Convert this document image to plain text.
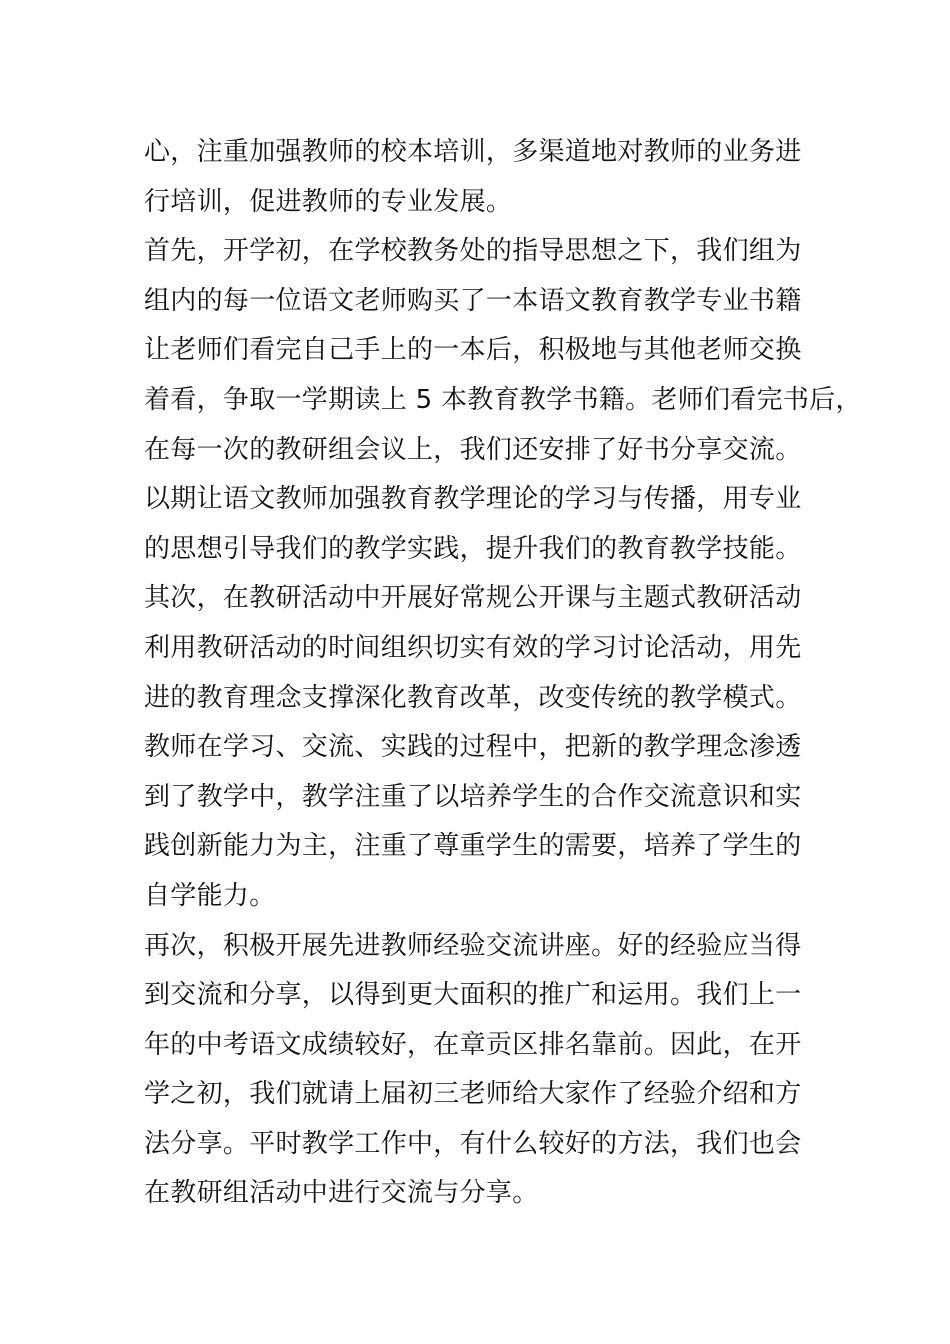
心，注重加强教师的校本培训，多渠道地对教师的业务进

行培训，促进教师的专业发展。

首先，开学初，在学校教务处的指导思想之下，我们组为

组内的每一位语文老师购买了一本语文教育教学专业书籍

让老师们看完自己手上的一本后，积极地与其他老师交换

着看，争取一学期读上 5 本教育教学书籍。老师们看完书后，

在每一次的教研组会议上，我们还安排了好书分享交流。

以期让语文教师加强教育教学理论的学习与传播，用专业

的思想引导我们的教学实践，提升我们的教育教学技能。

其次，在教研活动中开展好常规公开课与主题式教研活动

利用教研活动的时间组织切实有效的学习讨论活动，用先

进的教育理念支撑深化教育改革，改变传统的教学模式。

教师在学习、交流、实践的过程中，把新的教学理念渗透

到了教学中，教学注重了以培养学生的合作交流意识和实

践创新能力为主，注重了尊重学生的需要，培养了学生的

自学能力。

再次，积极开展先进教师经验交流讲座。好的经验应当得

到交流和分享，以得到更大面积的推广和运用。我们上一

年的中考语文成绩较好，在章贡区排名靠前。因此，在开

学之初，我们就请上届初三老师给大家作了经验介绍和方

法分享。平时教学工作中，有什么较好的方法，我们也会

在教研组活动中进行交流与分享。
